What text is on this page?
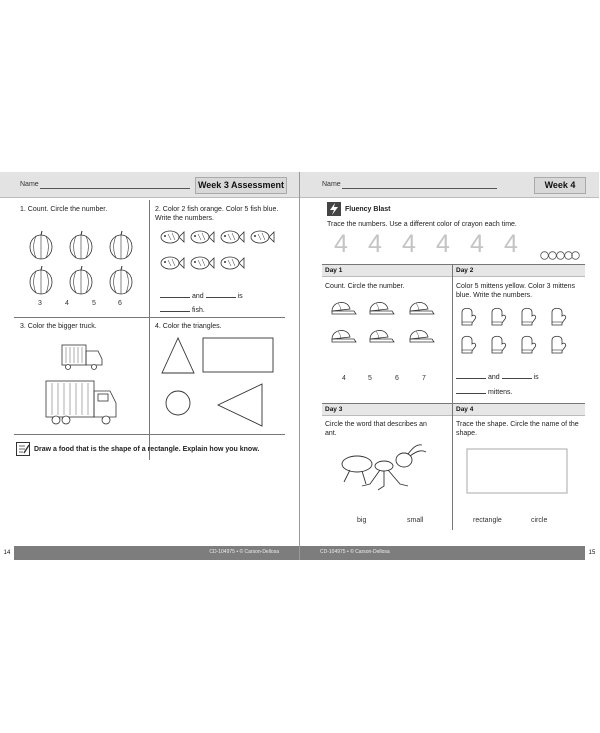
Name	Week 3 Assessment

1. Count. Circle the number.

3	4	5	6

2. Color 2 fish orange. Color 5 fish blue. Write the numbers.

and	is
fish.

3. Color the bigger truck.	4. Color the triangles.

Draw a food that is the shape of a rectangle. Explain how you know.

CD-104975 • © Carson-Dellosa
14
Name	Week 4
Fluency Blast

Trace the numbers. Use a different color of crayon each time.

4 4 4 4 4 4
Day 1

Count. Circle the number.

4	5	6	7
Day 2

Color 5 mittens yellow. Color 3 mittens blue. Write the numbers.

and	is
mittens.
Day 3

Circle the word that describes an ant.

big	small
Day 4

Trace the shape. Circle the name of the shape.

rectangle	circle
CD-104975 • © Carson-Dellosa	15
